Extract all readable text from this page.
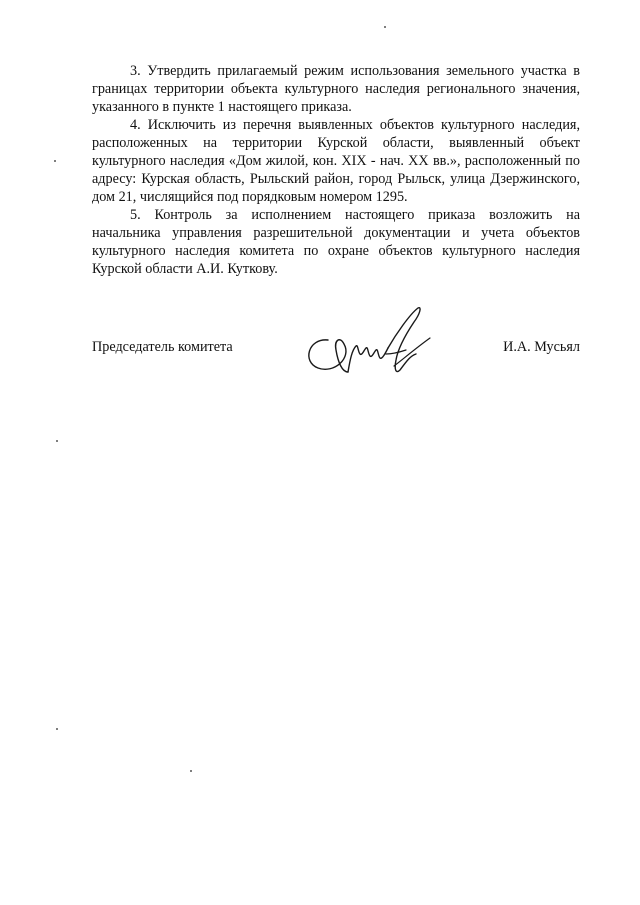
3. Утвердить прилагаемый режим использования земельного участка в границах территории объекта культурного наследия регионального значения, указанного в пункте 1 настоящего приказа.

4. Исключить из перечня выявленных объектов культурного наследия, расположенных на территории Курской области, выявленный объект культурного наследия «Дом жилой, кон. XIX - нач. XX вв.», расположенный по адресу: Курская область, Рыльский район, город Рыльск, улица Дзержинского, дом 21, числящийся под порядковым номером 1295.

5. Контроль за исполнением настоящего приказа возложить на начальника управления разрешительной документации и учета объектов культурного наследия комитета по охране объектов культурного наследия Курской области А.И. Куткову.

Председатель комитета	И.А. Мусьял
